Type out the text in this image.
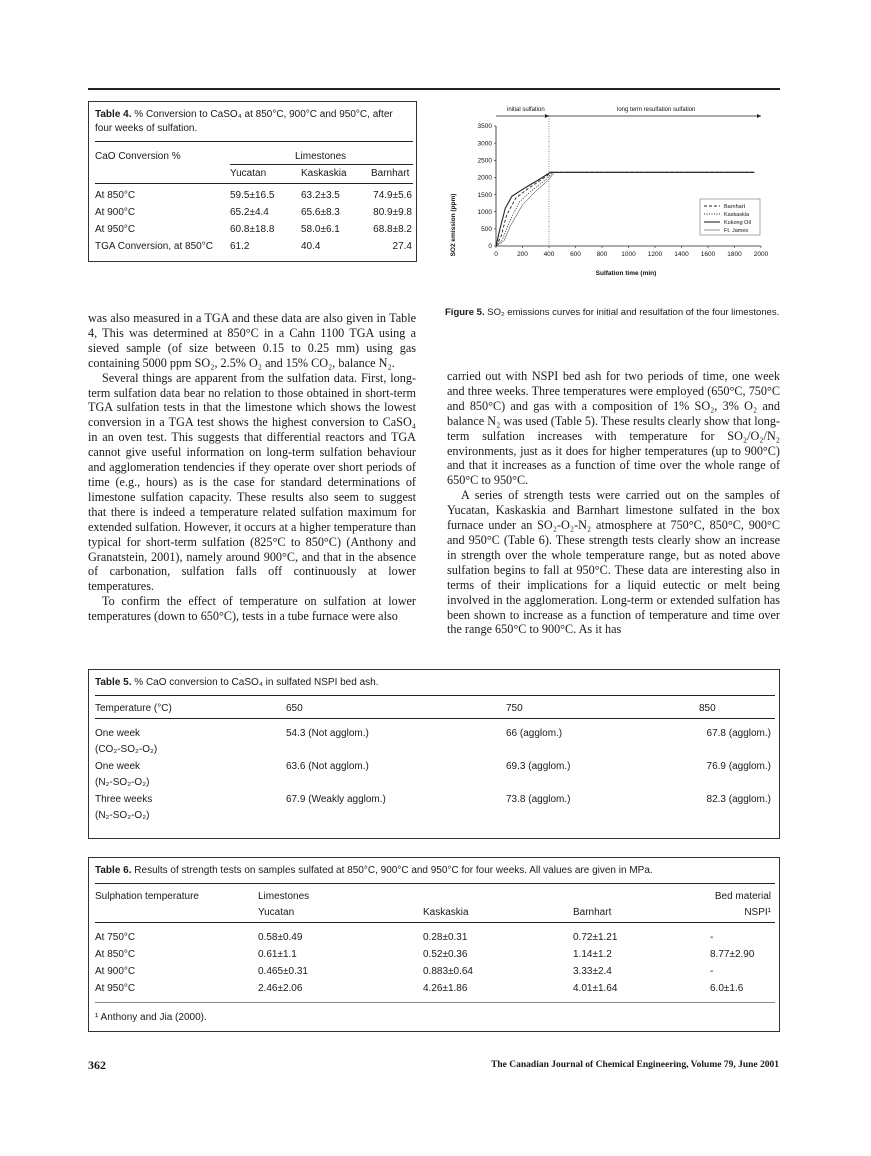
Table 4. % Conversion to CaSO₄ at 850°C, 900°C and 950°C, after
four weeks of sulfation.
CaO Conversion %	Limestones
Yucatan	Kaskaskia Barnhart
At 850°C	59.5±16.5	63.2±3.5	74.9±5.6
At 900°C	65.2±4.4	65.6±8.3	80.9±9.8
At 950°C	60.8±18.8	58.0±6.1	68.8±8.2
TGA Conversion, at 850°C 61.2	40.4	27.4
initial sulfation	long term resulfation sulfation
SO2 emission (ppm)
Sulfation time (min)
0
500
1000
1500
2000
2500
3000
3500
0	200 400 600 800 1000 1200 1400 1600 1800 2000
Barnhart
Kaskaskia
Kukong Oil
Ft. James
Figure 5. SO₂ emissions curves for initial and resulfation of the four limestones.

was also measured in a TGA and these data are also given in Table 4, This was determined at 850°C in a Cahn 1100 TGA using a sieved sample (of size between 0.15 to 0.25 mm) using gas containing 5000 ppm SO₂, 2.5% O₂ and 15% CO₂, balance N₂.

Several things are apparent from the sulfation data. First, long-term sulfation data bear no relation to those obtained in short-term TGA sulfation tests in that the limestone which shows the lowest conversion in a TGA test shows the highest conversion to CaSO₄ in an oven test. This suggests that differential reactors and TGA cannot give useful information on long-term sulfation behaviour and agglomeration tendencies if they operate over short periods of time (e.g., hours) as is the case for standard determinations of limestone sulfation capacity. These results also seem to suggest that there is indeed a temperature related sulfation maximum for extended sulfation. However, it occurs at a higher temperature than typical for short-term sulfation (825°C to 850°C) (Anthony and Granatstein, 2001), namely around 900°C, and that in the absence of carbonation, sulfation falls off continuously at lower temperatures.

To confirm the effect of temperature on sulfation at lower temperatures (down to 650°C), tests in a tube furnace were also

carried out with NSPI bed ash for two periods of time, one week and three weeks. Three temperatures were employed (650°C, 750°C and 850°C) and gas with a composition of 1% SO₂, 3% O₂ and balance N₂ was used (Table 5). These results clearly show that long-term sulfation increases with temperature for SO₂/O₂/N₂ environments, just as it does for higher temperatures (up to 900°C) and that it increases as a function of time over the whole range of 650°C to 950°C.

A series of strength tests were carried out on the samples of Yucatan, Kaskaskia and Barnhart limestone sulfated in the box furnace under an SO₂-O₂-N₂ atmosphere at 750°C, 850°C, 900°C and 950°C (Table 6). These strength tests clearly show an increase in strength over the whole temperature range, but as noted above sulfation begins to fall at 950°C. These data are interesting also in terms of their implications for a liquid eutectic or melt being involved in the agglomeration. Long-term or extended sulfation has been shown to increase as a function of temperature and time over the range 650°C to 900°C. As it has

Table 5. % CaO conversion to CaSO₄ in sulfated NSPI bed ash.
Temperature (°C)	650	750	850
One week
(CO₂-SO₂-O₂)
54.3 (Not agglom.)	66 (agglom.)	67.8 (agglom.)
One week
(N₂-SO₂-O₂)
63.6 (Not agglom.)	69.3 (agglom.)	76.9 (agglom.)
Three weeks
(N₂-SO₂-O₂)
67.9 (Weakly agglom.)	73.8 (agglom.)	82.3 (agglom.)
Table 6. Results of strength tests on samples sulfated at 850°C, 900°C and 950°C for four weeks. All values are given in MPa.
Sulphation temperature	Limestones	Bed material
Yucatan	Kaskaskia	Barnhart	NSPI¹
At 750°C	0.58±0.49	0.28±0.31	0.72±1.21	-
At 850°C	0.61±1.1	0.52±0.36	1.14±1.2	8.77±2.90
At 900°C	0.465±0.31	0.883±0.64	3.33±2.4	-
At 950°C	2.46±2.06	4.26±1.86	4.01±1.64	6.0±1.6
¹ Anthony and Jia (2000).
362	The Canadian Journal of Chemical Engineering, Volume 79, June 2001
